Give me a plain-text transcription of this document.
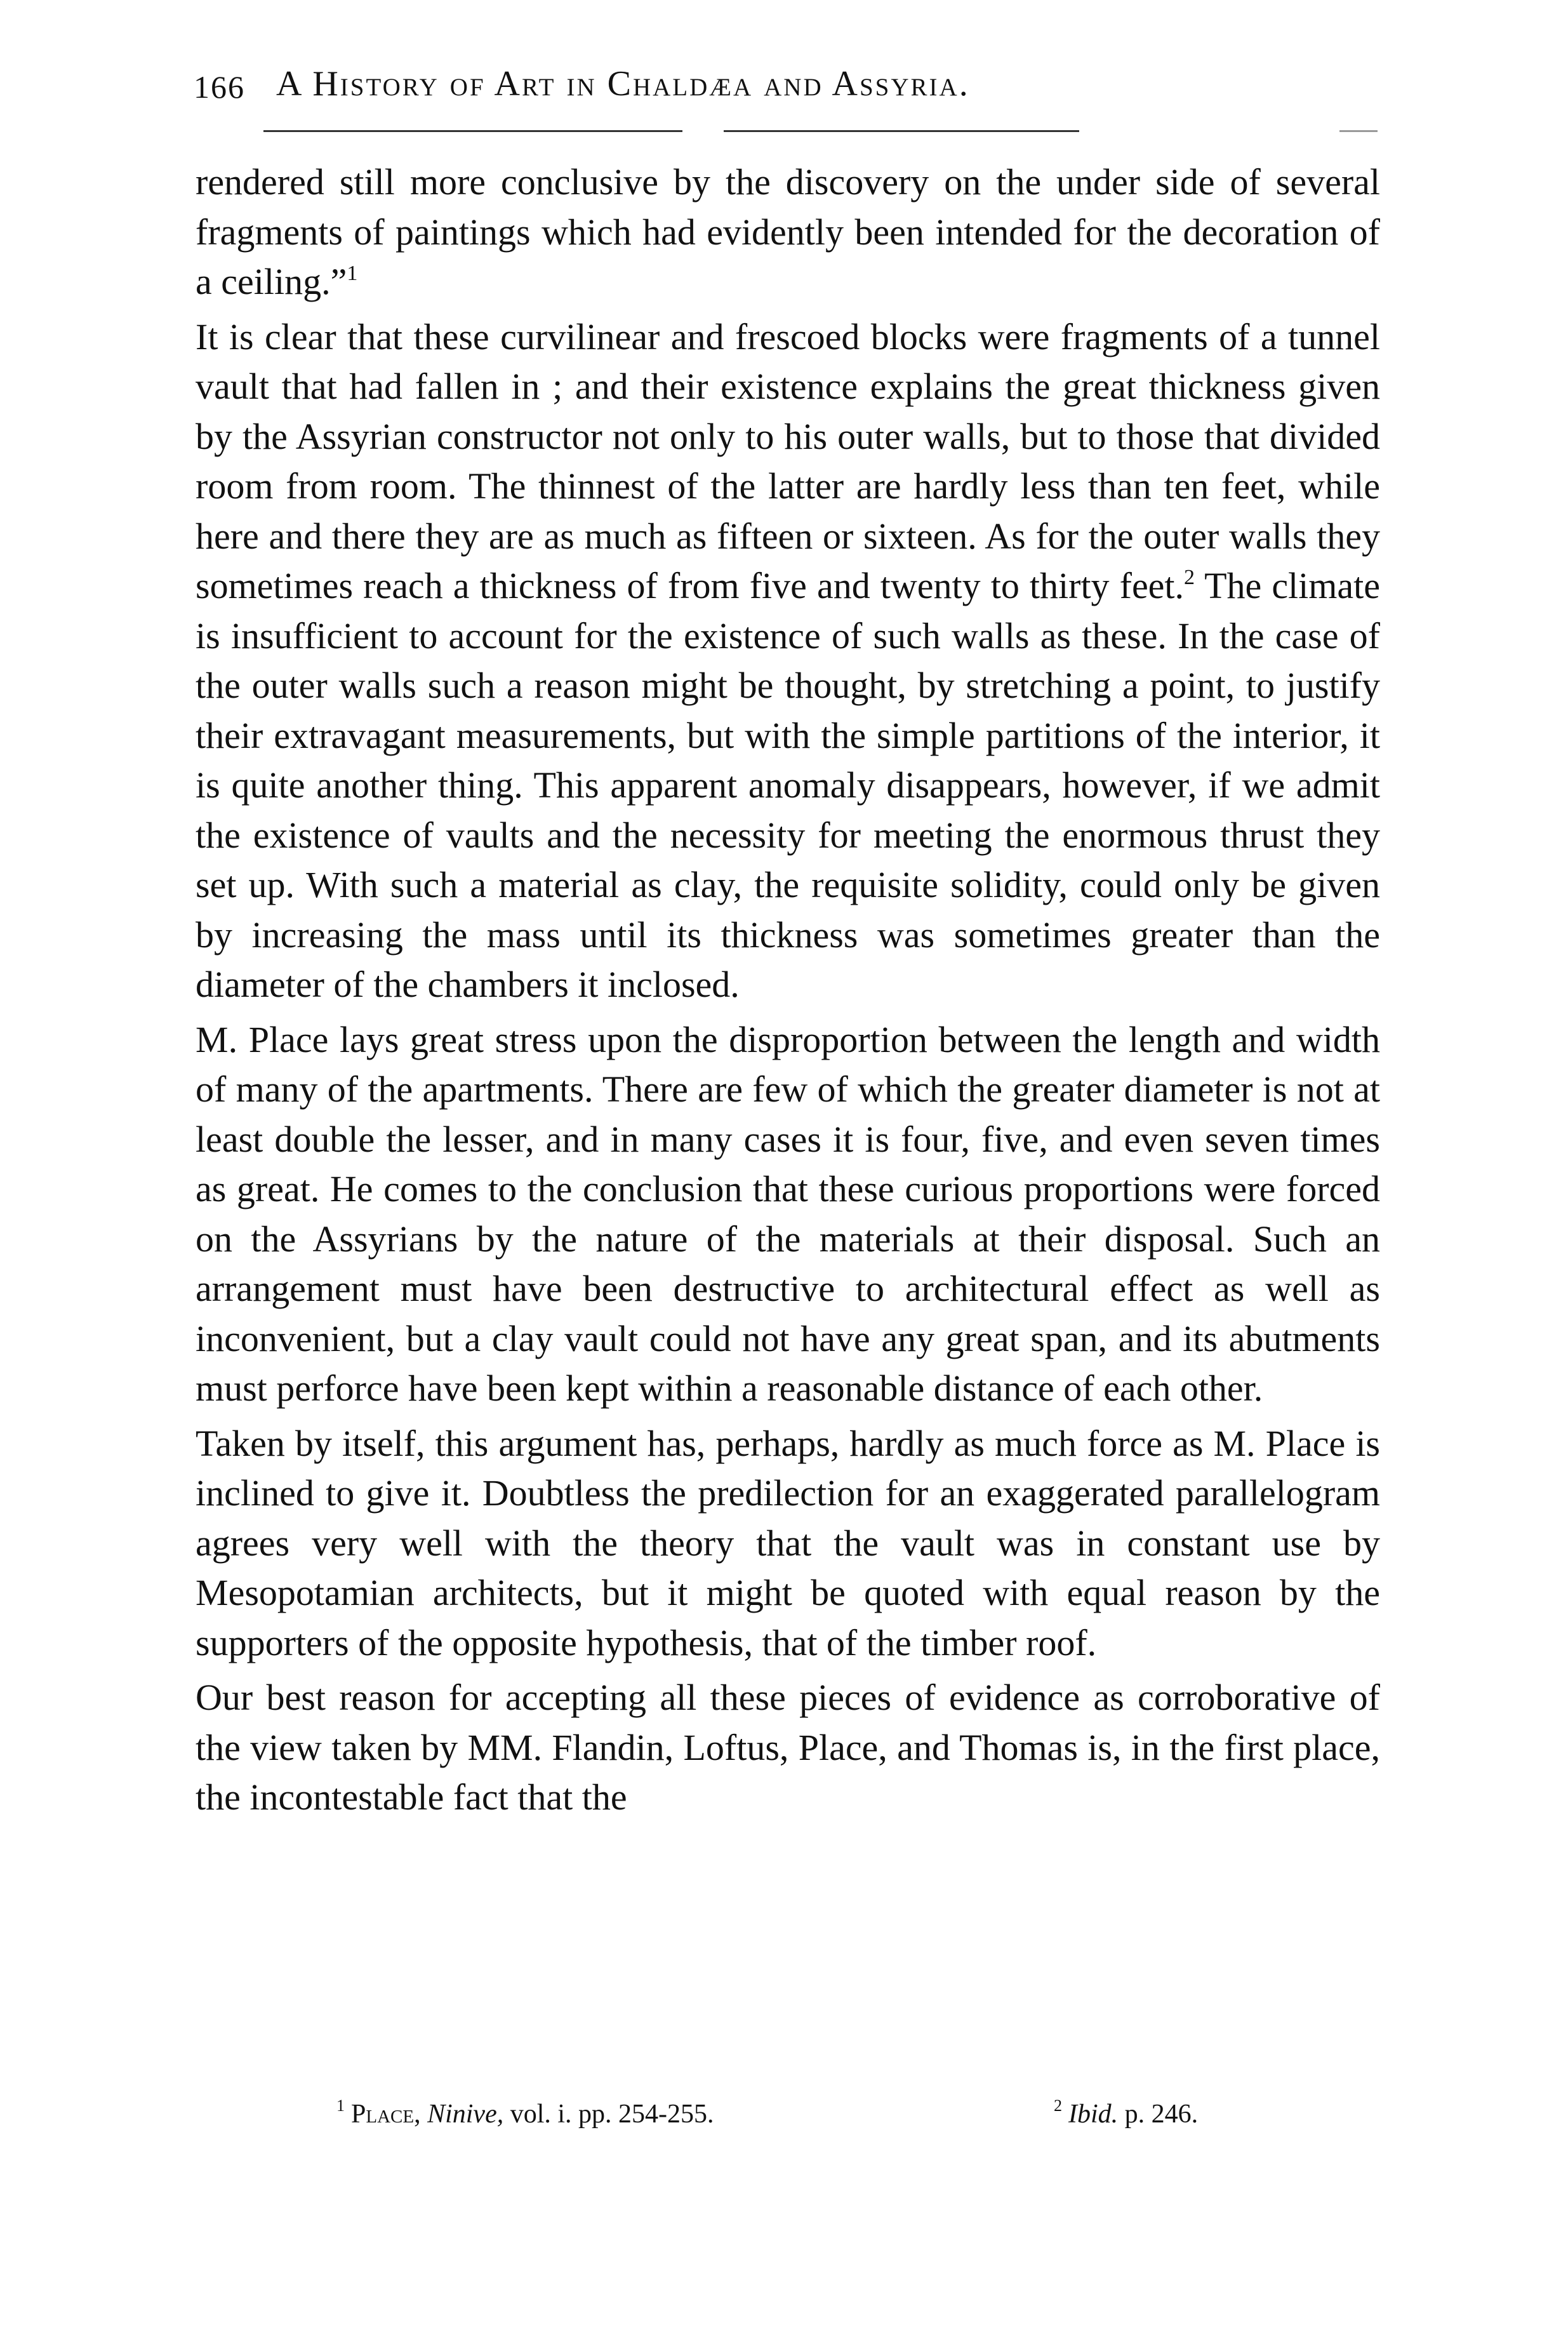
166 A History of Art in Chaldæa and Assyria.

rendered still more conclusive by the discovery on the under side of several fragments of paintings which had evidently been intended for the decoration of a ceiling.”$^1$

It is clear that these curvilinear and frescoed blocks were fragments of a tunnel vault that had fallen in ; and their existence explains the great thickness given by the Assyrian constructor not only to his outer walls, but to those that divided room from room. The thinnest of the latter are hardly less than ten feet, while here and there they are as much as fifteen or sixteen. As for the outer walls they sometimes reach a thickness of from five and twenty to thirty feet.$^2$ The climate is insufficient to account for the existence of such walls as these. In the case of the outer walls such a reason might be thought, by stretching a point, to justify their extravagant measurements, but with the simple partitions of the interior, it is quite another thing. This apparent anomaly disappears, however, if we admit the existence of vaults and the necessity for meeting the enormous thrust they set up. With such a material as clay, the requisite solidity, could only be given by increasing the mass until its thickness was sometimes greater than the diameter of the chambers it inclosed.

M. Place lays great stress upon the disproportion between the length and width of many of the apartments. There are few of which the greater diameter is not at least double the lesser, and in many cases it is four, five, and even seven times as great. He comes to the conclusion that these curious proportions were forced on the Assyrians by the nature of the materials at their disposal. Such an arrangement must have been destructive to architectural effect as well as inconvenient, but a clay vault could not have any great span, and its abutments must perforce have been kept within a reasonable distance of each other.

Taken by itself, this argument has, perhaps, hardly as much force as M. Place is inclined to give it. Doubtless the predilection for an exaggerated parallelogram agrees very well with the theory that the vault was in constant use by Mesopotamian architects, but it might be quoted with equal reason by the supporters of the opposite hypothesis, that of the timber roof.

Our best reason for accepting all these pieces of evidence as corroborative of the view taken by MM. Flandin, Loftus, Place, and Thomas is, in the first place, the incontestable fact that the

$^1$ Place, Ninive, vol. i. pp. 254-255.	$^2$ Ibid. p. 246.
